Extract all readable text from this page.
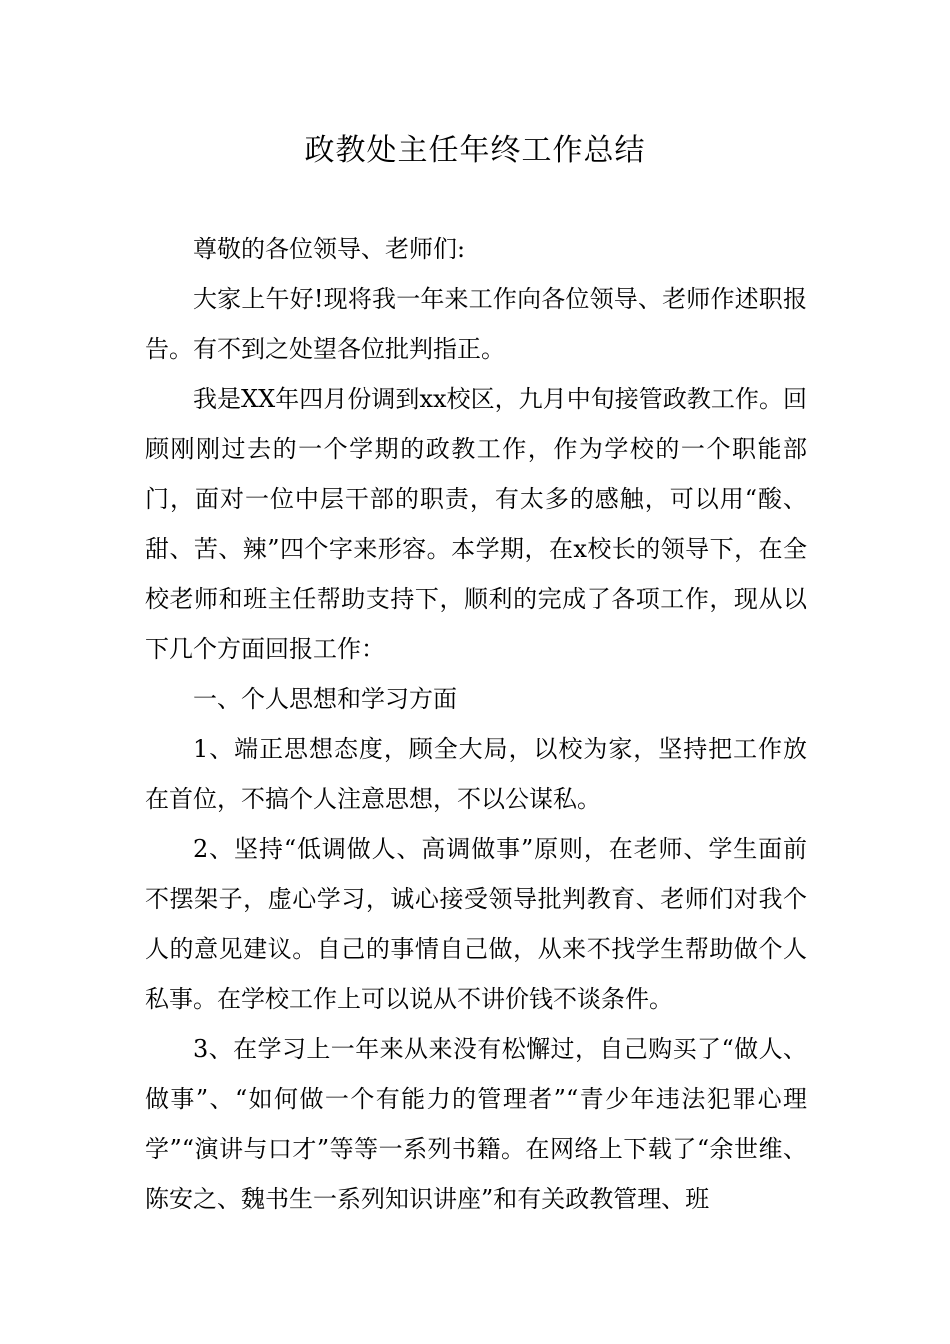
政教处主任年终工作总结

尊敬的各位领导、老师们:

大家上午好!现将我一年来工作向各位领导、老师作述职报告。有不到之处望各位批判指正。

我是XX年四月份调到xx校区，九月中旬接管政教工作。回顾刚刚过去的一个学期的政教工作，作为学校的一个职能部门，面对一位中层干部的职责，有太多的感触，可以用“酸、甜、苦、辣”四个字来形容。本学期，在x校长的领导下，在全校老师和班主任帮助支持下，顺利的完成了各项工作，现从以下几个方面回报工作：

一、个人思想和学习方面

1、端正思想态度，顾全大局，以校为家，坚持把工作放在首位，不搞个人注意思想，不以公谋私。

2、坚持“低调做人、高调做事”原则，在老师、学生面前不摆架子，虚心学习，诚心接受领导批判教育、老师们对我个人的意见建议。自己的事情自己做，从来不找学生帮助做个人私事。在学校工作上可以说从不讲价钱不谈条件。

3、在学习上一年来从来没有松懈过，自己购买了“做人、做事”、“如何做一个有能力的管理者”“青少年违法犯罪心理学”“演讲与口才”等等一系列书籍。在网络上下载了“余世维、陈安之、魏书生一系列知识讲座”和有关政教管理、班
